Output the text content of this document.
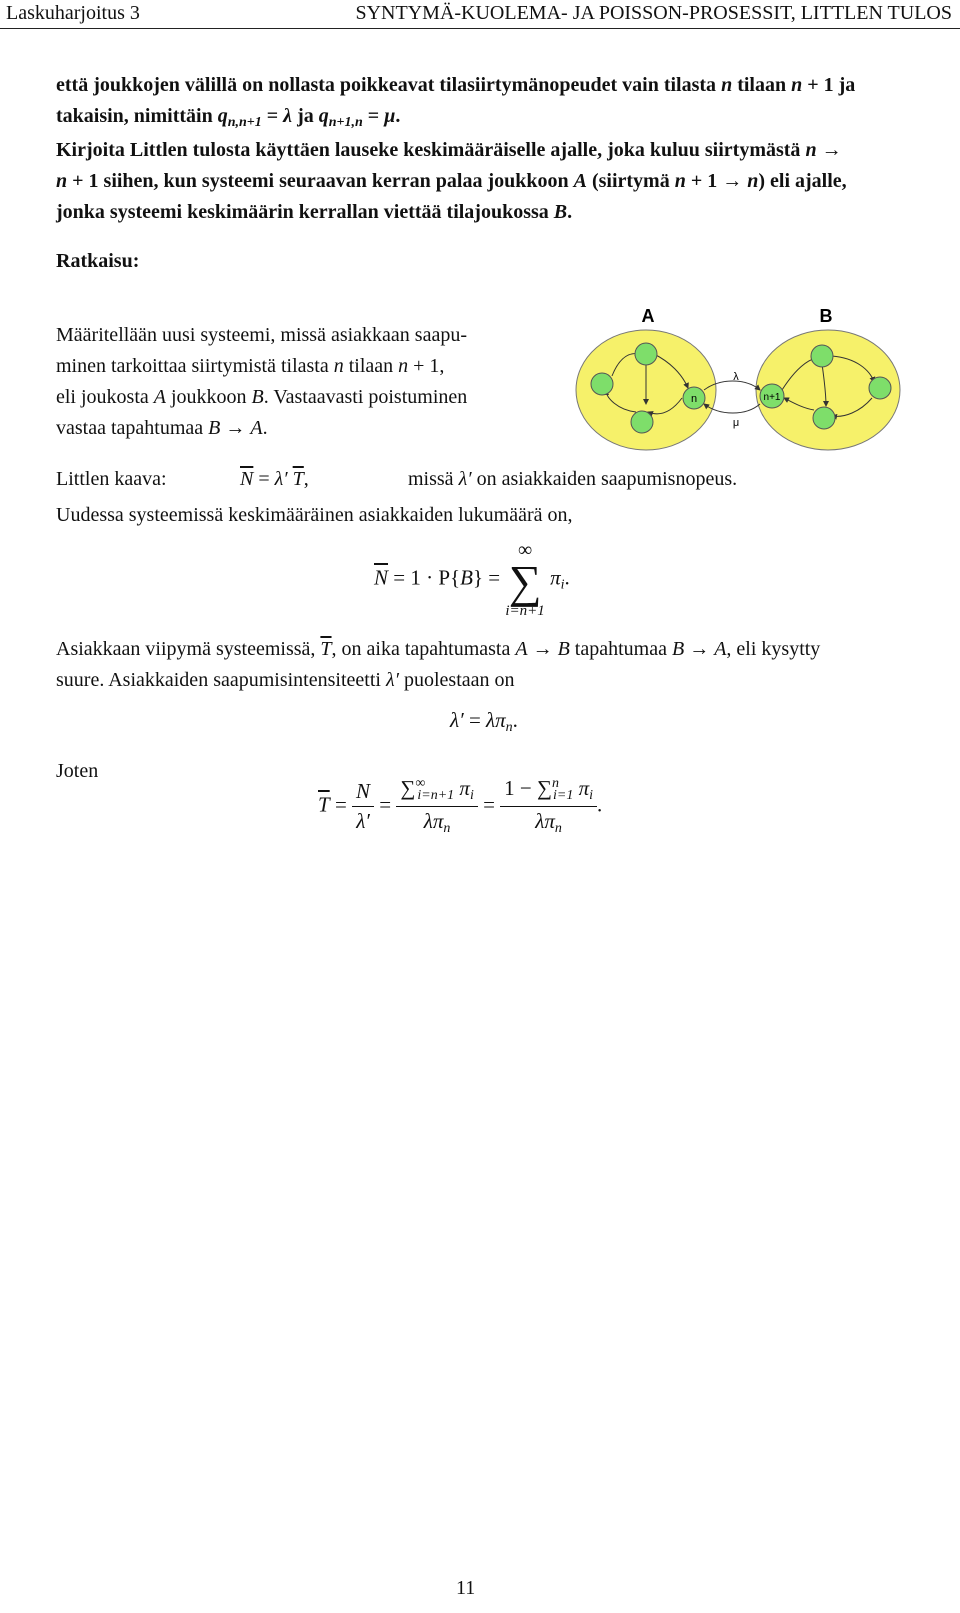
Laskuharjoitus 3	SYNTYMÄ-KUOLEMA- JA POISSON-PROSESSIT, LITTLEN TULOS
että joukkojen välillä on nollasta poikkeavat tilasiirtymänopeudet vain tilasta n tilaan n + 1 ja
takaisin, nimittäin $q_{n,n+1} = \lambda$ ja $q_{n+1,n} = \mu$.
Kirjoita Littlen tulosta käyttäen lauseke keskimääräiselle ajalle, joka kuluu siirtymästä n →
n + 1 siihen, kun systeemi seuraavan kerran palaa joukkoon A (siirtymä n + 1 → n) eli ajalle,
jonka systeemi keskimäärin kerrallan viettää tilajoukossa B.
Ratkaisu:
Määritellään uusi systeemi, missä asiakkaan saapu-
minen tarkoittaa siirtymistä tilasta n tilaan n + 1,
eli joukosta A joukkoon B. Vastaavasti poistuminen
vastaa tapahtumaa B → A.
A	B
λ
μ
n	n+1
Littlen kaava:	$\overline{N} = \lambda'$ $\overline{T}$,	missä λ′ on asiakkaiden saapumisnopeus.
Uudessa systeemissä keskimääräinen asiakkaiden lukumäärä on,
$\overline{N} = 1 \cdot P\{B\}$ =
∞
∑
i=n+1
$\pi_i$.
Asiakkaan viipymä systeemissä, $\overline{T}$, on aika tapahtumasta A → B tapahtumaa B → A, eli kysytty
suure. Asiakkaiden saapumisintensiteetti λ′ puolestaan on
$\lambda' = \lambda\pi_n$.
Joten
$\overline{T} = \frac{N}{\lambda'} = \frac{\sum^\infty_{i=n+1} \pi_i}{\lambda\pi_n} = \frac{1 - \sum^n_{i=1} \pi_i}{\lambda\pi_n}$ .
11
